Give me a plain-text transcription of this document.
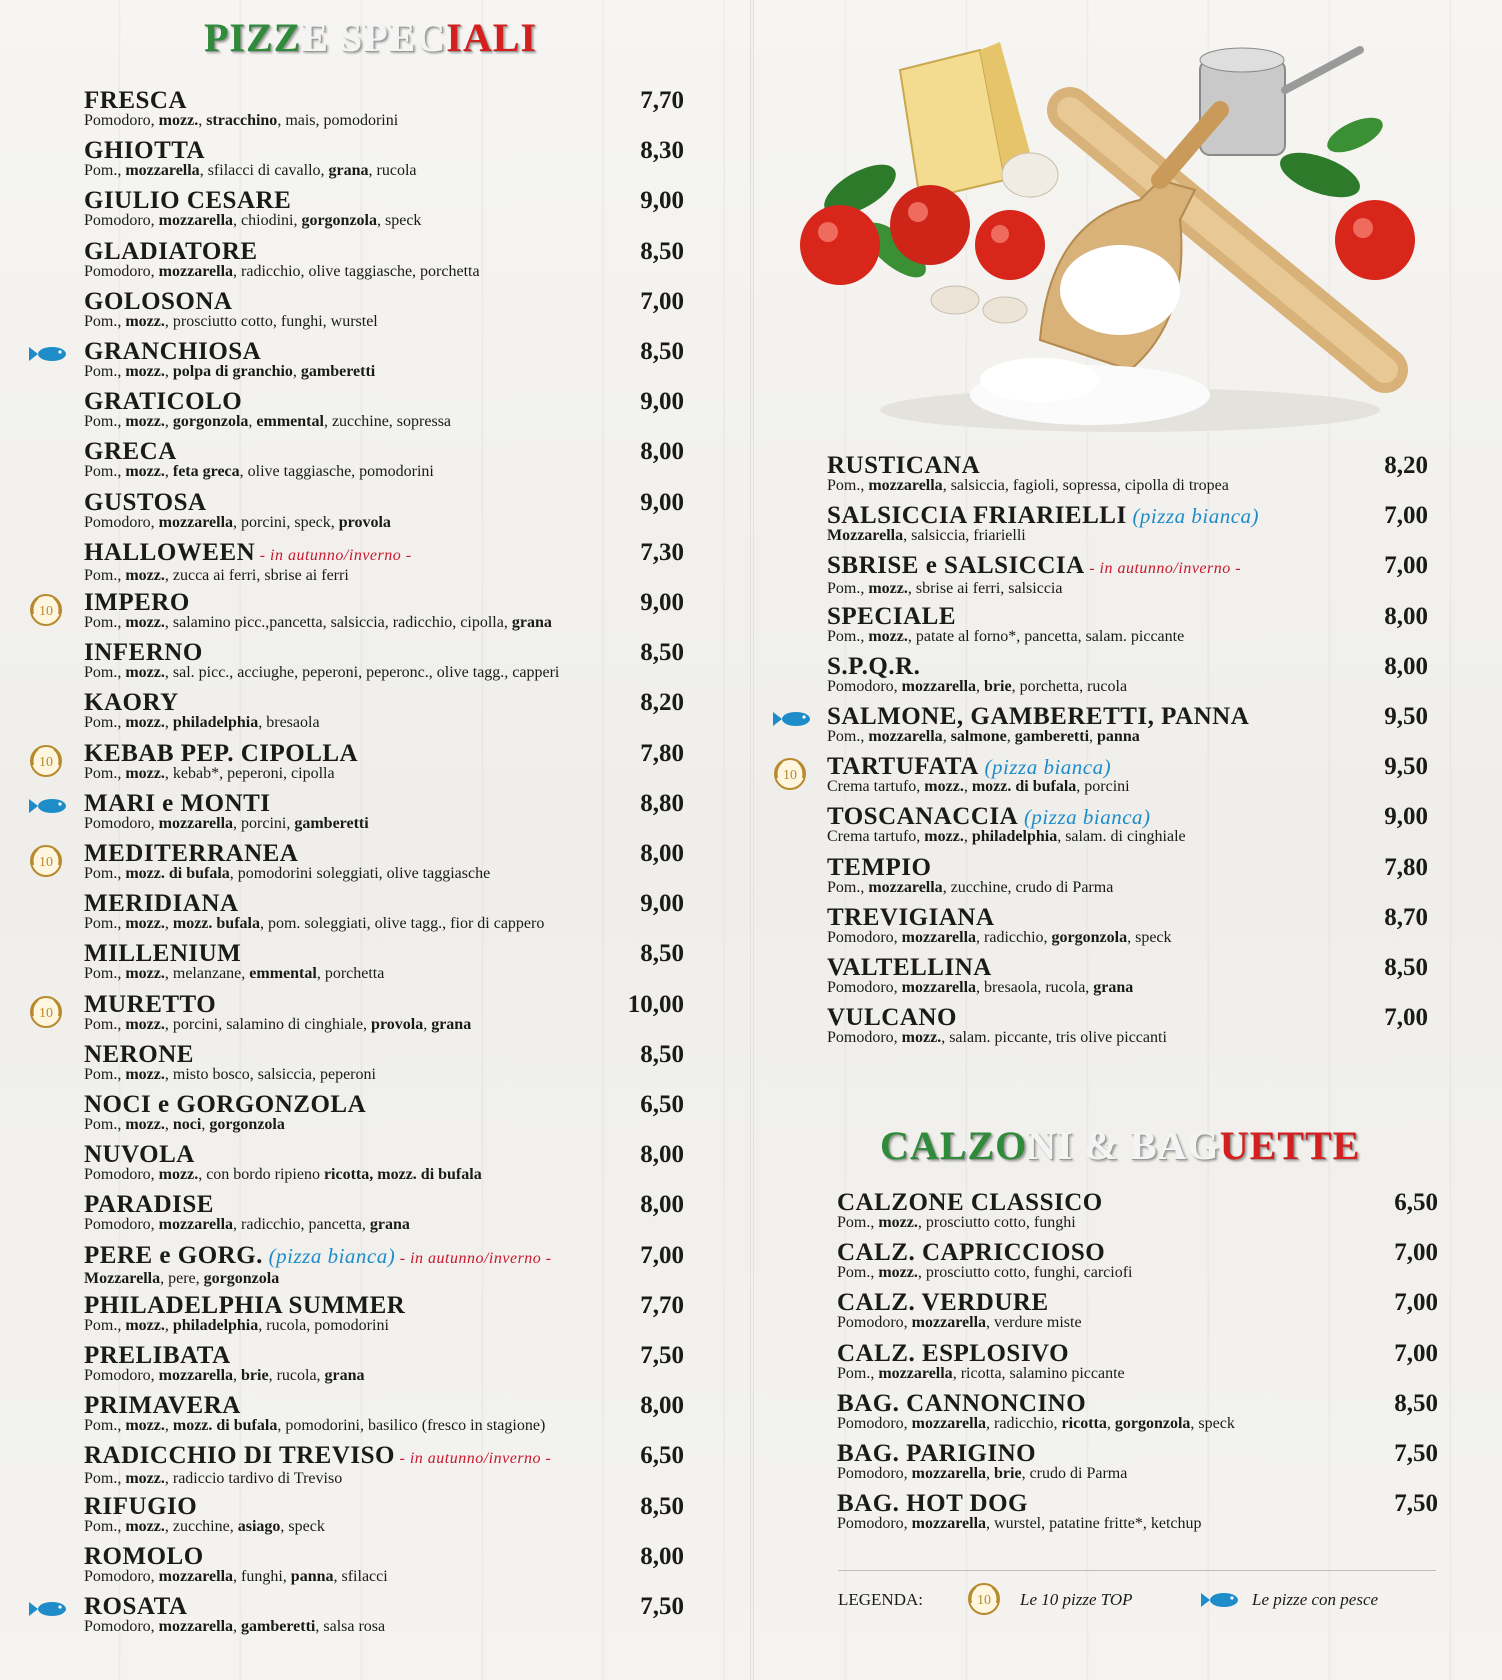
PIZZE SPECIALI
FRESCA
Pomodoro, mozz., stracchino, mais, pomodorini
7,70
GHIOTTA
Pom., mozzarella, sfilacci di cavallo, grana, rucola
8,30
GIULIO CESARE
Pomodoro, mozzarella, chiodini, gorgonzola, speck
9,00
GLADIATORE
Pomodoro, mozzarella, radicchio, olive taggiasche, porchetta
8,50
GOLOSONA
Pom., mozz., prosciutto cotto, funghi, wurstel
7,00
GRANCHIOSA
Pom., mozz., polpa di granchio, gamberetti
8,50
GRATICOLO
Pom., mozz., gorgonzola, emmental, zucchine, sopressa
9,00
GRECA
Pom., mozz., feta greca, olive taggiasche, pomodorini
8,00
GUSTOSA
Pomodoro, mozzarella, porcini, speck, provola
9,00
HALLOWEEN - in autunno/inverno -
Pom., mozz., zucca ai ferri, sbrise ai ferri
7,30
IMPERO
Pom., mozz., salamino picc.,pancetta, salsiccia, radicchio, cipolla, grana
9,00
10
INFERNO
Pom., mozz., sal. picc., acciughe, peperoni, peperonc., olive tagg., capperi
8,50
KAORY
Pom., mozz., philadelphia, bresaola
8,20
KEBAB PEP. CIPOLLA
Pom., mozz., kebab*, peperoni, cipolla
7,80
10
MARI e MONTI
Pomodoro, mozzarella, porcini, gamberetti
8,80
MEDITERRANEA
Pom., mozz. di bufala, pomodorini soleggiati, olive taggiasche
8,00
10
MERIDIANA
Pom., mozz., mozz. bufala, pom. soleggiati, olive tagg., fior di cappero
9,00
MILLENIUM
Pom., mozz., melanzane, emmental, porchetta
8,50
MURETTO
Pom., mozz., porcini, salamino di cinghiale, provola, grana
10,00
10
NERONE
Pom., mozz., misto bosco, salsiccia, peperoni
8,50
NOCI e GORGONZOLA
Pom., mozz., noci, gorgonzola
6,50
NUVOLA
Pomodoro, mozz., con bordo ripieno ricotta, mozz. di bufala
8,00
PARADISE
Pomodoro, mozzarella, radicchio, pancetta, grana
8,00
PERE e GORG. (pizza bianca) - in autunno/inverno -
Mozzarella, pere, gorgonzola
7,00
PHILADELPHIA SUMMER
Pom., mozz., philadelphia, rucola, pomodorini
7,70
PRELIBATA
Pomodoro, mozzarella, brie, rucola, grana
7,50
PRIMAVERA
Pom., mozz., mozz. di bufala, pomodorini, basilico (fresco in stagione)
8,00
RADICCHIO DI TREVISO - in autunno/inverno -
Pom., mozz., radiccio tardivo di Treviso
6,50
RIFUGIO
Pom., mozz., zucchine, asiago, speck
8,50
ROMOLO
Pomodoro, mozzarella, funghi, panna, sfilacci
8,00
ROSATA
Pomodoro, mozzarella, gamberetti, salsa rosa
7,50
RUSTICANA
Pom., mozzarella, salsiccia, fagioli, sopressa, cipolla di tropea
8,20
SALSICCIA FRIARIELLI (pizza bianca)
Mozzarella, salsiccia, friarielli
7,00
SBRISE e SALSICCIA - in autunno/inverno -
Pom., mozz., sbrise ai ferri, salsiccia
7,00
SPECIALE
Pom., mozz., patate al forno*, pancetta, salam. piccante
8,00
S.P.Q.R.
Pomodoro, mozzarella, brie, porchetta, rucola
8,00
SALMONE, GAMBERETTI, PANNA
Pom., mozzarella, salmone, gamberetti, panna
9,50
TARTUFATA (pizza bianca)
Crema tartufo, mozz., mozz. di bufala, porcini
9,50
10
TOSCANACCIA (pizza bianca)
Crema tartufo, mozz., philadelphia, salam. di cinghiale
9,00
TEMPIO
Pom., mozzarella, zucchine, crudo di Parma
7,80
TREVIGIANA
Pomodoro, mozzarella, radicchio, gorgonzola, speck
8,70
VALTELLINA
Pomodoro, mozzarella, bresaola, rucola, grana
8,50
VULCANO
Pomodoro, mozz., salam. piccante, tris olive piccanti
7,00
CALZONI & BAGUETTE
CALZONE CLASSICO
Pom., mozz., prosciutto cotto, funghi
6,50
CALZ. CAPRICCIOSO
Pom., mozz., prosciutto cotto, funghi, carciofi
7,00
CALZ. VERDURE
Pomodoro, mozzarella, verdure miste
7,00
CALZ. ESPLOSIVO
Pom., mozzarella, ricotta, salamino piccante
7,00
BAG. CANNONCINO
Pomodoro, mozzarella, radicchio, ricotta, gorgonzola, speck
8,50
BAG. PARIGINO
Pomodoro, mozzarella, brie, crudo di Parma
7,50
BAG. HOT DOG
Pomodoro, mozzarella, wurstel, patatine fritte*, ketchup
7,50
LEGENDA:	10 Le 10 pizze TOP	Le pizze con pesce
